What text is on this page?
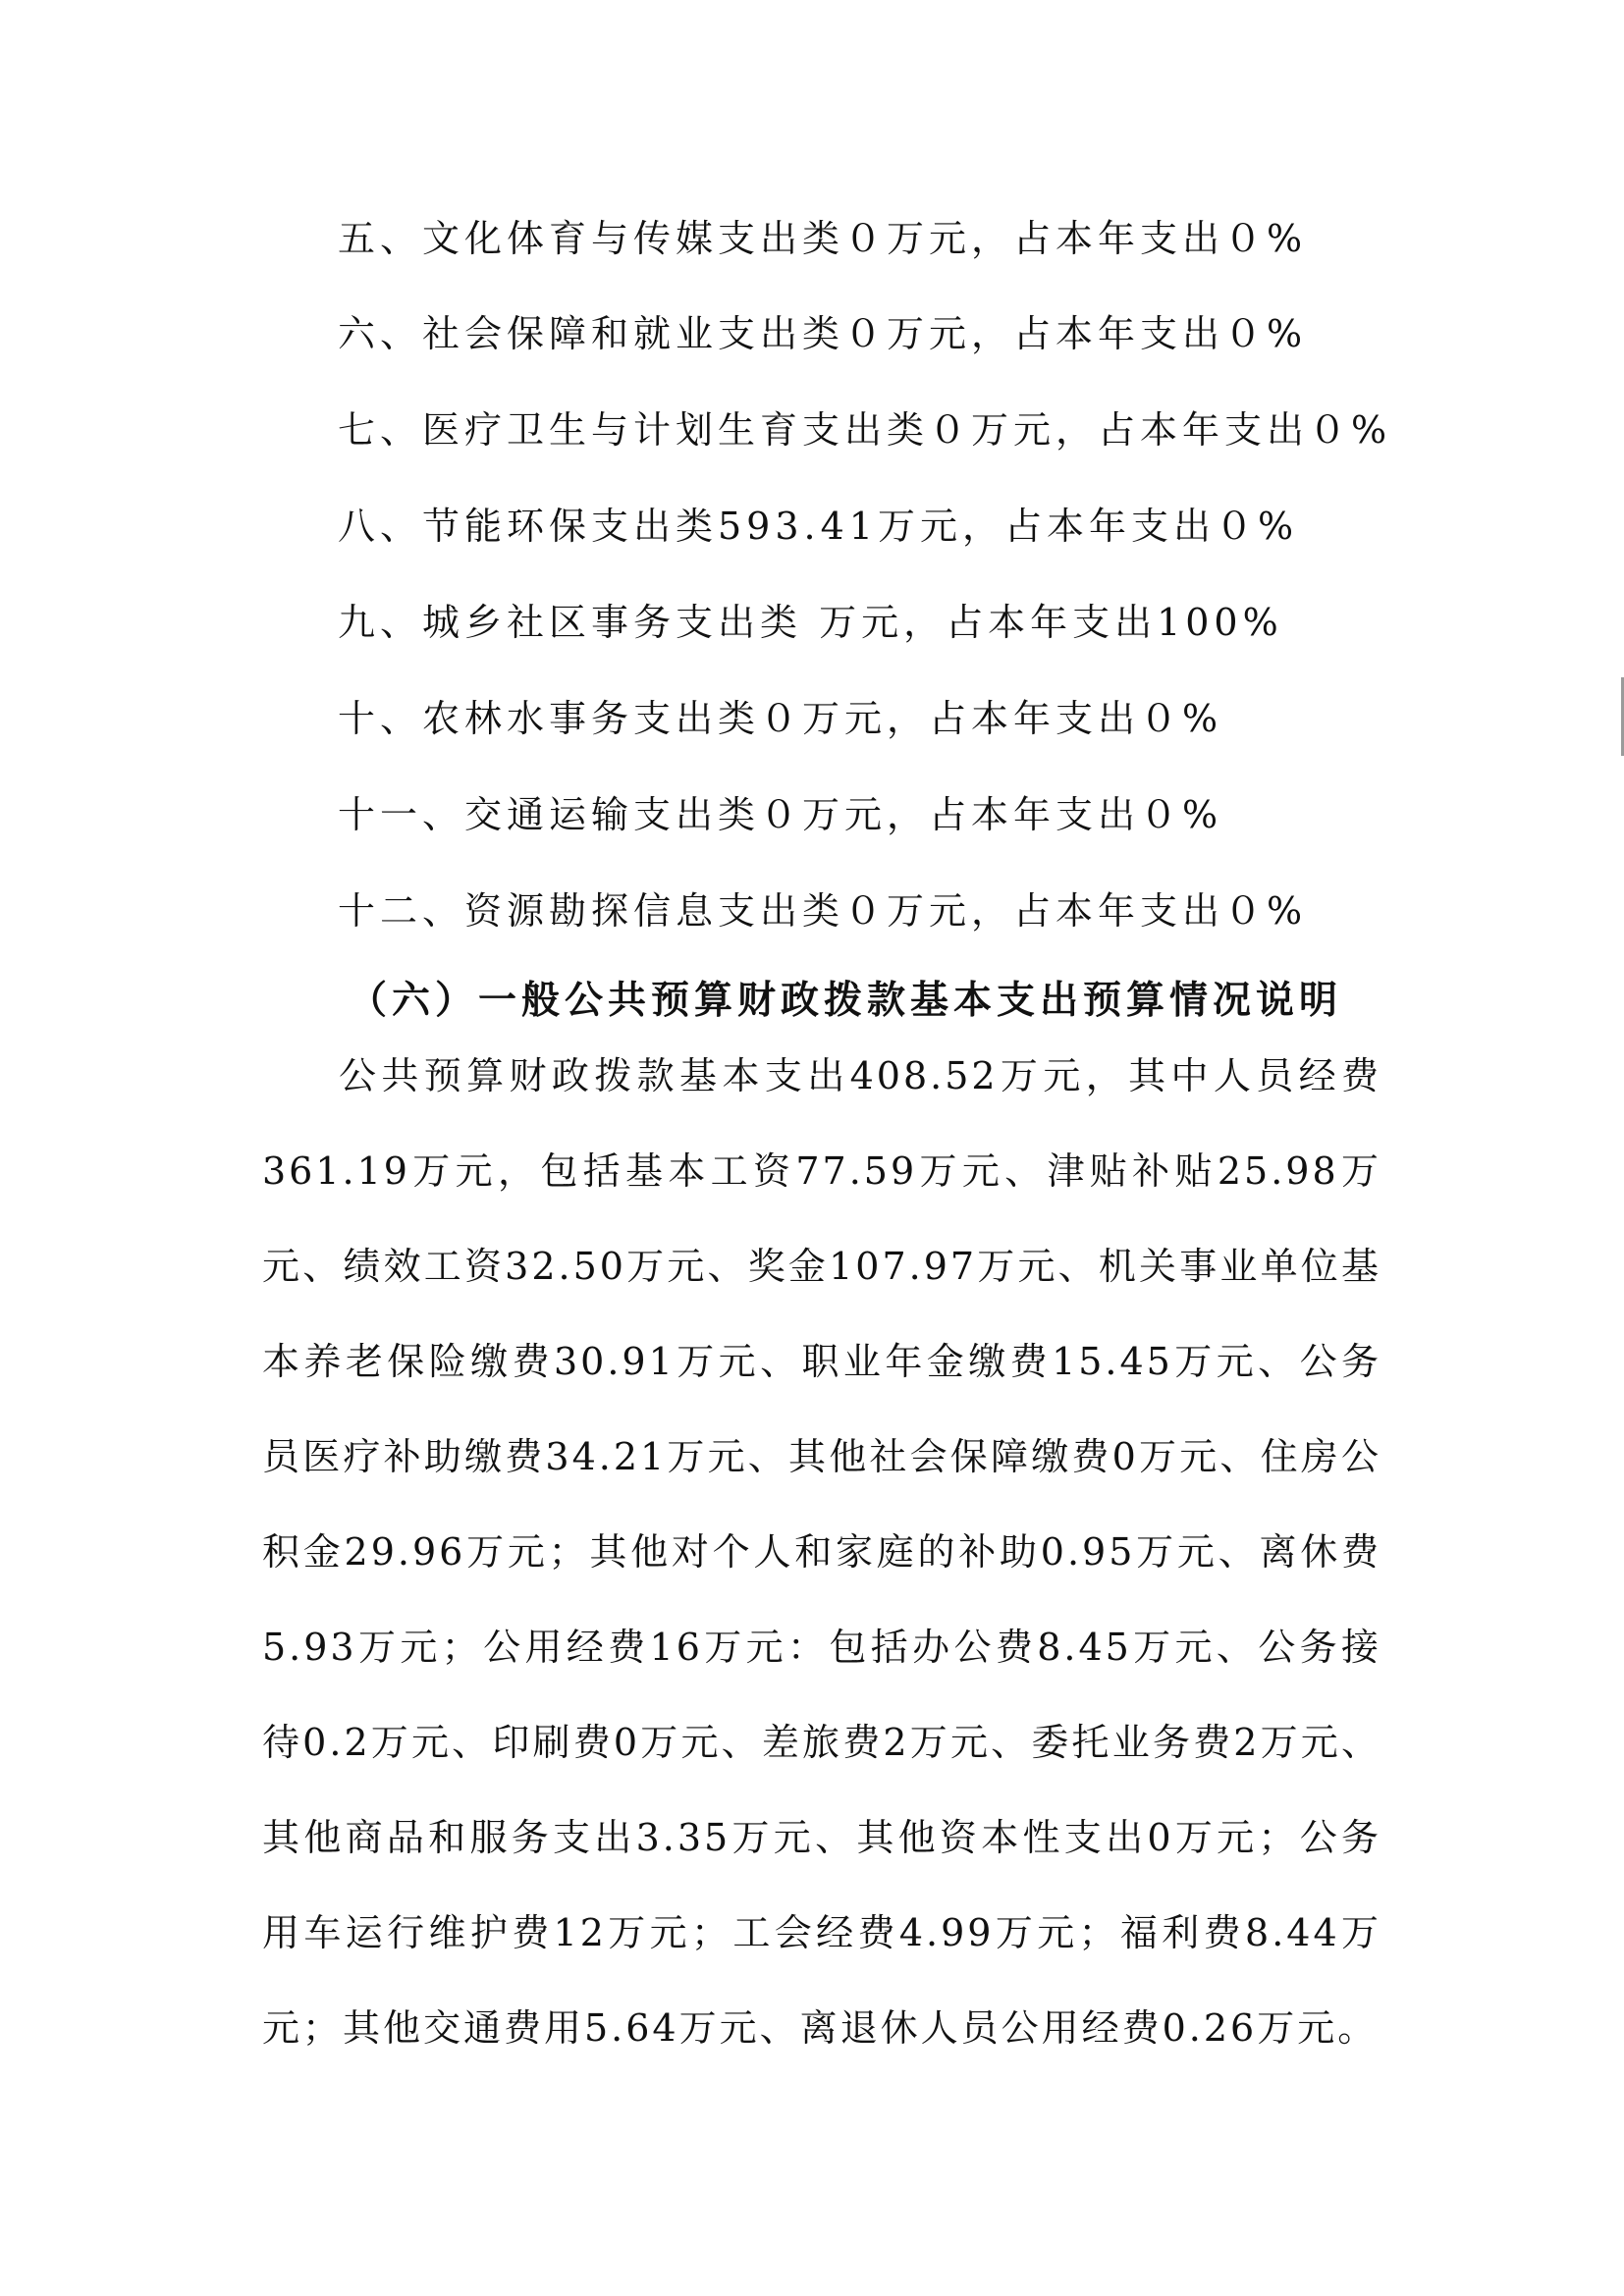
五、文化体育与传媒支出类０万元，占本年支出０%

六、社会保障和就业支出类０万元，占本年支出０%

七、医疗卫生与计划生育支出类０万元，占本年支出０%

八、节能环保支出类593.41万元，占本年支出０%

九、城乡社区事务支出类 万元，占本年支出100%

十、农林水事务支出类０万元，占本年支出０%

十一、交通运输支出类０万元，占本年支出０%

十二、资源勘探信息支出类０万元，占本年支出０%

（六）一般公共预算财政拨款基本支出预算情况说明

公共预算财政拨款基本支出408.52万元，其中人员经费361.19万元，包括基本工资77.59万元、津贴补贴25.98万元、绩效工资32.50万元、奖金107.97万元、机关事业单位基本养老保险缴费30.91万元、职业年金缴费15.45万元、公务员医疗补助缴费34.21万元、其他社会保障缴费0万元、住房公积金29.96万元；其他对个人和家庭的补助0.95万元、离休费5.93万元；公用经费16万元：包括办公费8.45万元、公务接待0.2万元、印刷费0万元、差旅费2万元、委托业务费2万元、其他商品和服务支出3.35万元、其他资本性支出0万元；公务用车运行维护费12万元；工会经费4.99万元；福利费8.44万元；其他交通费用5.64万元、离退休人员公用经费0.26万元。
